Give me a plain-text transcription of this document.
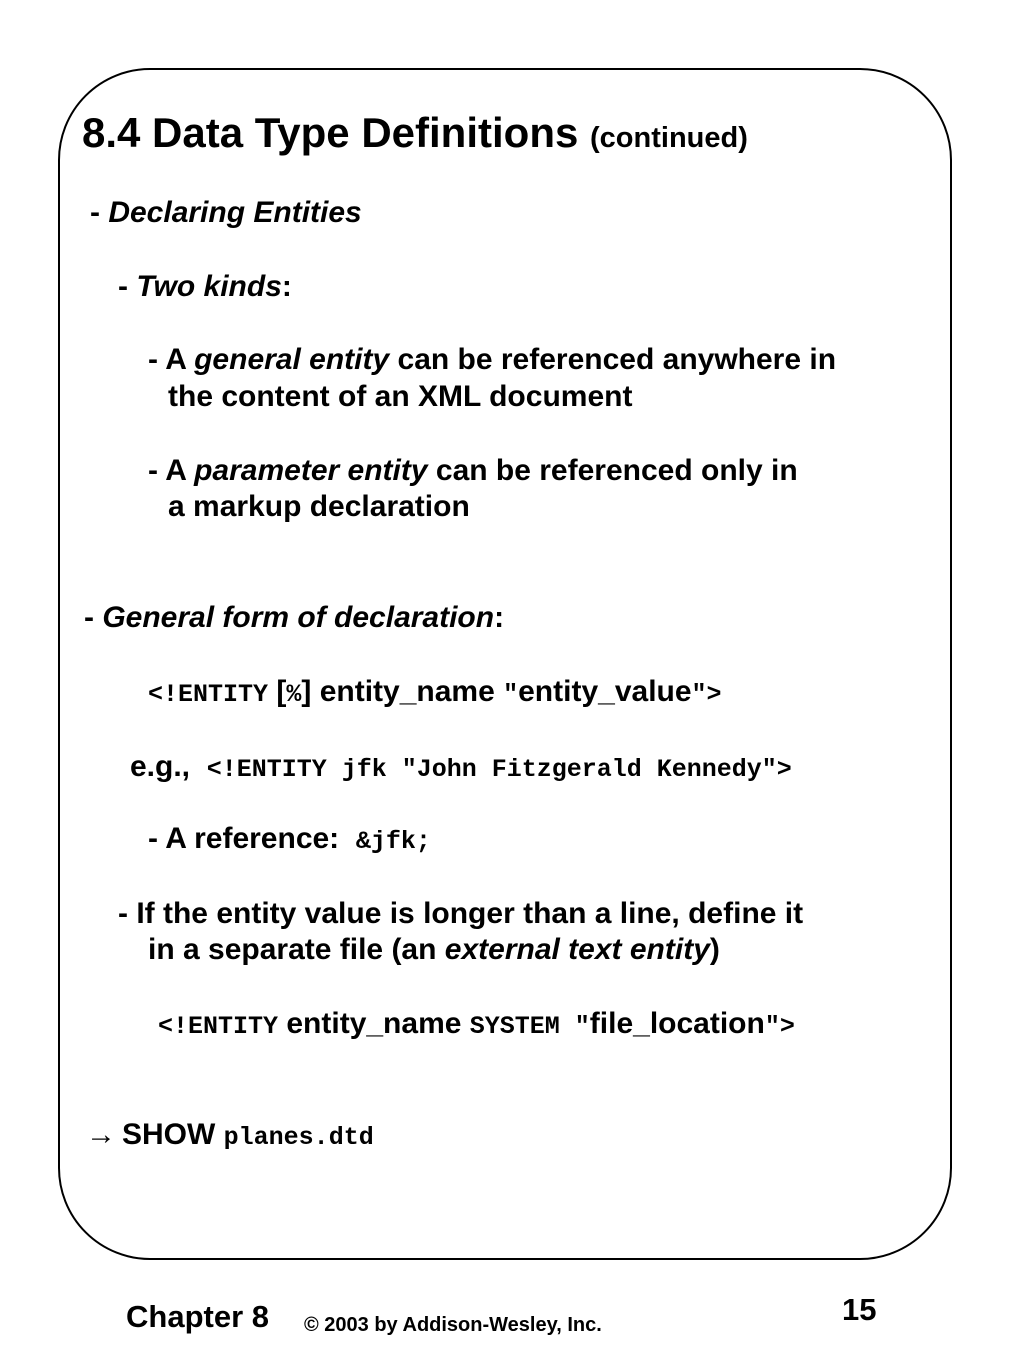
8.4 Data Type Definitions (continued)
- Declaring Entities
- Two kinds:
- A general entity can be referenced anywhere in
the content of an XML document
- A parameter entity can be referenced only in
a markup declaration
- General form of declaration:
<!ENTITY [%] entity_name "entity_value">
e.g., <!ENTITY jfk "John Fitzgerald Kennedy">
- A reference: &jfk;
- If the entity value is longer than a line, define it
in a separate file (an external text entity)
<!ENTITY entity_name SYSTEM "file_location">
→ SHOW planes.dtd
Chapter 8 © 2003 by Addison-Wesley, Inc.	15
